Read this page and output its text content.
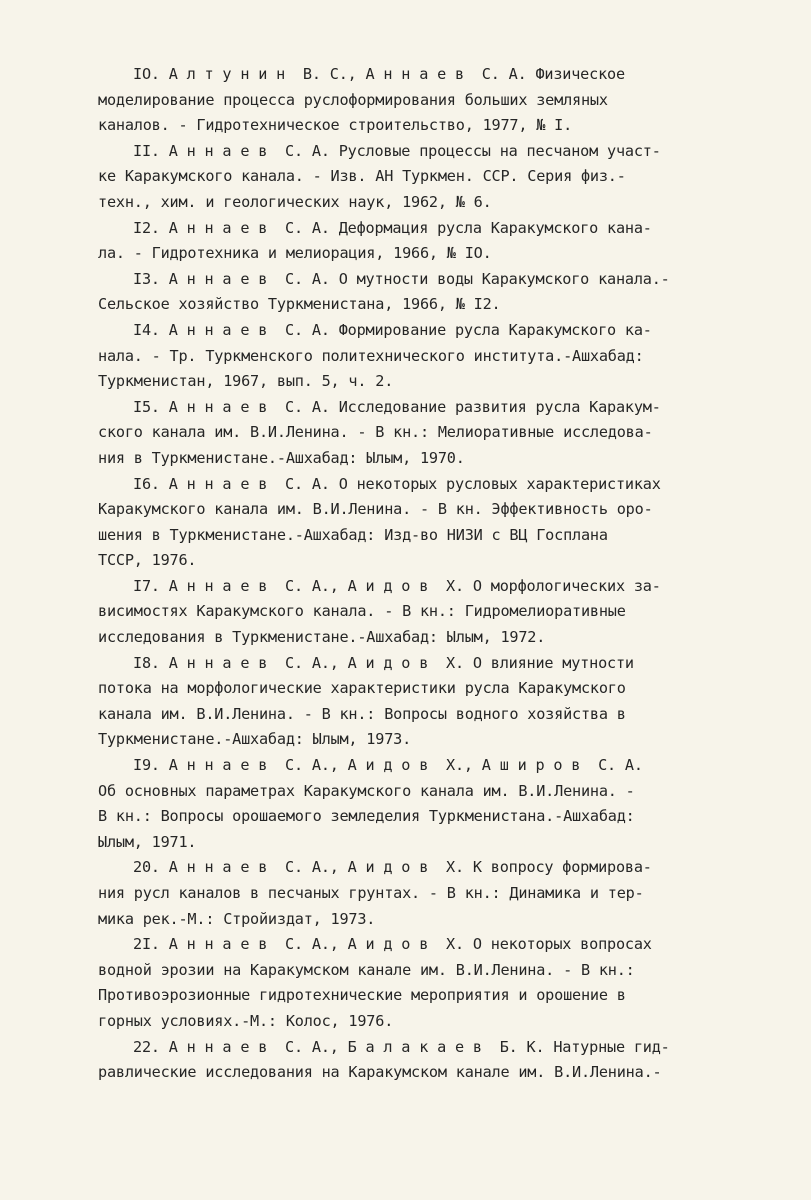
IO. А л т у н и н  В. С., А н н а е в  С. А. Физическое
моделирование процесса руслоформирования больших земляных
каналов. - Гидротехническое строительство, 1977, № I.
II. А н н а е в  С. А. Русловые процессы на песчаном участ-
ке Каракумского канала. - Изв. АН Туркмен. ССР. Серия физ.-
техн., хим. и геологических наук, 1962, № 6.
I2. А н н а е в  С. А. Деформация русла Каракумского кана-
ла. - Гидротехника и мелиорация, 1966, № IO.
I3. А н н а е в  С. А. О мутности воды Каракумского канала.-
Сельское хозяйство Туркменистана, 1966, № I2.
I4. А н н а е в  С. А. Формирование русла Каракумского ка-
нала. - Тр. Туркменского политехнического института.-Ашхабад:
Туркменистан, 1967, вып. 5, ч. 2.
I5. А н н а е в  С. А. Исследование развития русла Каракум-
ского канала им. В.И.Ленина. - В кн.: Мелиоративные исследова-
ния в Туркменистане.-Ашхабад: Ылым, 1970.
I6. А н н а е в  С. А. О некоторых русловых характеристиках
Каракумского канала им. В.И.Ленина. - В кн. Эффективность оро-
шения в Туркменистане.-Ашхабад: Изд-во НИЗИ с ВЦ Госплана
ТССР, 1976.
I7. А н н а е в  С. А., А и д о в  Х. О морфологических за-
висимостях Каракумского канала. - В кн.: Гидромелиоративные
исследования в Туркменистане.-Ашхабад: Ылым, 1972.
I8. А н н а е в  С. А., А и д о в  Х. О влияние мутности
потока на морфологические характеристики русла Каракумского
канала им. В.И.Ленина. - В кн.: Вопросы водного хозяйства в
Туркменистане.-Ашхабад: Ылым, 1973.
I9. А н н а е в  С. А., А и д о в  Х., А ш и р о в  С. А.
Об основных параметрах Каракумского канала им. В.И.Ленина. -
В кн.: Вопросы орошаемого земледелия Туркменистана.-Ашхабад:
Ылым, 1971.
20. А н н а е в  С. А., А и д о в  Х. К вопросу формирова-
ния русл каналов в песчаных грунтах. - В кн.: Динамика и тер-
мика рек.-М.: Стройиздат, 1973.
2I. А н н а е в  С. А., А и д о в  Х. О некоторых вопросах
водной эрозии на Каракумском канале им. В.И.Ленина. - В кн.:
Противоэрозионные гидротехнические мероприятия и орошение в
горных условиях.-М.: Колос, 1976.
22. А н н а е в  С. А., Б а л а к а е в  Б. К. Натурные гид-
равлические исследования на Каракумском канале им. В.И.Ленина.-
